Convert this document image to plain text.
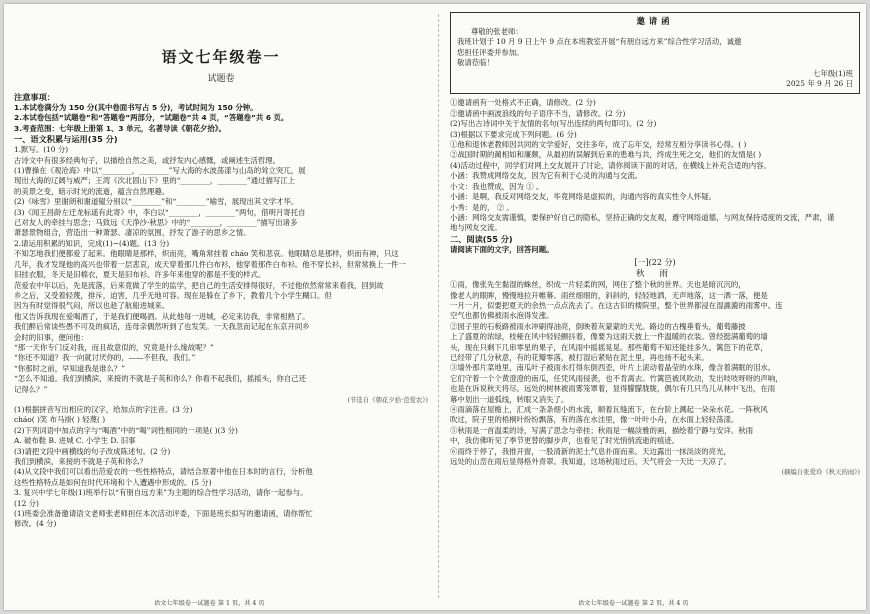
语文七年级卷一
试题卷
注意事项：
1.本试卷满分为 150 分(其中卷面书写占 5 分)，考试时间为 150 分钟。
2.本试卷包括“试题卷”和“答题卷”两部分，“试题卷”共 4 页，“答题卷”共 6 页。
3.考查范围：七年级上册第 1、3 单元，名著导读《朝花夕拾》。
一、语文积累与运用(35 分)
1.默写。(10 分)
古诗文中有很多经典句子，以描绘自然之美，或抒发内心感慨，或阐述生活哲理。
(1)曹操在《观沧海》中以“________，________”写大海的水波荡漾与山岛的耸立突兀，展
现出大海的辽阔与威严；王湾《次北固山下》里的“________，________”通过描写江上
的美景之变，暗示时光的流逝，蕴含自然理趣。
(2)《咏雪》里谢朗和谢道韫分别以“________”和“________”喻雪，展现出其文学才华。
(3)《闻王昌龄左迁龙标遥有此寄》中，李白以“________，________”两句，借明月寄托自
己对友人的牵挂与思念；马致远《天净沙·秋思》中的“________，________”描写出诸多
萧瑟景物组合，营造出一种萧瑟、凄凉的氛围，抒发了游子的思乡之情。
2.请运用积累的知识，完成(1)~(4)题。(13 分)
不知怎地我们便都爱了起来。他眼睛是那样，炽而亮，嘴角常挂着 cháo 笑和悲哀。他眼睛总是那样，炽而有神，只这
几年，我才发现他的高兴也带着一层悲哀，成天穿着那几件白布衫，他穿着那件白布衫。他不穿长衫，但常常换上一件一
旧挂衣服，冬天是旧棉衣，夏天是旧布衫。许多年来他穿的都是不变的样式。
范爱农中年以后，先是流落，后来竟做了学生的监学，把自己的生活安排得很好，不过他依然常常来看我，回到故
乡之后，又受着轻蔑，排斥，迫害，几乎无地可容。现在是躲在了乡下，教着几个小学生糊口。但
因为有时觉得很气闷，所以也趁了航船进城来。
他又告诉我现在爱喝酒了，于是我们便喝酒。从此他每一进城，必定来访我，非常相熟了。
我们醉后常谈些愚不可及的疯话，连母亲偶然听到了也发笑。一天我忽而记起在东京开同乡
会时的旧事，便问他：
“那一天你专门反对我，而且故意似的，究竟是什么缘故呢？”
“你还不知道？我一向就讨厌你的，——不但我，我们。”
“你那时之前，早知道我是谁么？”
“怎么不知道。我们到横滨，来接的不就是子英和你么？你看不起我们，摇摇头，你自己还
记得么？”
(节选自《朝花夕拾·范爱农》)
(1)根据拼音写出相应的汉字，给加点的字注音。(3 分)
cháo( )笑 布马褂( ) 轻蔑( )
(2)下列词语中加点的字与“喝酒”中的“喝”词性相同的一项是( )(3 分)
A. 破布鞋 B. 进城 C. 小学生 D. 旧事
(3)请把文段中画横线的句子改成陈述句。(2 分)
我们到横滨，来接的不就是子英和你么？
(4)从文段中我们可以看出范爱农的一些性格特点，请结合原著中他在日本时的言行，分析他
这些性格特点是如何在时代环境和个人遭遇中形成的。(5 分)
3. 复兴中学七年级(1)班举行以“有朋自远方来”为主题的综合性学习活动，请你一起参与。
(12 分)
(1)班委会准备邀请语文老师张老师担任本次活动评委，下面是班长拟写的邀请函，请你帮忙
修改。(4 分)
邀请函
尊敬的张老师：
我班计划于 10 月 9 日上午 9 点在本班教室开展“有朋自远方来”综合性学习活动，诚邀
您担任评委并参加。
敬请莅临！
七年级(1)班
2025 年 9 月 26 日
①邀请函有一处格式不正确，请修改。(2 分)
②邀请函中画波浪线的句子语序不当，请修改。(2 分)
(2)写出古诗词中关于友情的名句(写出连续的两句即可)。(2 分)
(3)根据以下要求完成下列问题。(6 分)
①他和退休老教师因共同的文学爱好，交往多年，成了忘年交，经常互相分享读书心得。( )
②战国时期的蔺相如和廉颇，从最初的误解到后来的患难与共，终成生死之交，他们的友情是( )
(4)活动过程中，同学们对网上交友展开了讨论，请你阅读下面的对话，在横线上补充合适的内容。
小涵：我赞成网络交友，因为它有利于心灵的沟通与交流。
小文：我也赞成，因为 ① 。
小涵：是啊，我反对网络交友，毕竟网络是虚拟的，沟通内容的真实性令人怀疑。
小秀：是的， ② 。
小涵：网络交友需谨慎，要保护好自己的隐私，坚持正确的交友观，遵守网络道德，与网友保持适度的交流，严肃，谨
地与网友交流。
二、阅读(55 分)
请阅读下面的文字，回答问题。
[一](22 分)
秋 雨
①雨，像张先生黏湿的蛛丝，织成一片轻柔的网，网住了整个秋的世界。天也是暗沉沉的，
像老人的眼眸，慢慢地拉开帷幕。雨丝细细的，斜斜的，轻轻地洒，无声地落，这一洒一落，便是
一月一月，似要把夏天的余热一点点洗去了。在这古旧的楼院里，整个世界都浸在湿漉漉的雨雾中。连
空气也都仿佛被雨水泡得发涨。
②园子里的石板路被雨水冲刷得油亮，倒映着灰蒙蒙的天光。路边的古槐垂着头，葡萄藤披
上了盛夏的浓绿，枝桠在风中轻轻颤抖着，像要为这雨天披上一件温暖的衣装。曾经挺满葡萄的墙
头，现在只剩下几串零星的果子，在风雨中摇摇晃晃。那些葡萄不知还能挂多久。篱笆下的花草，
已经带了几分秋意，有的花瓣零落，被打湿后紧贴在泥土里，再也扬不起头来。
③墙外那片菜地里，南瓜叶子被雨水打得东倒西歪，叶片上滚动着晶莹的水珠，像含着满眶的泪水。
它们守着一个个黄澄澄的南瓜，任凭风雨侵袭，也不肯离去。竹篱笆被风吹动，发出吱吱呀呀的声响，
也是在诉说秋天将尽。远处的树林被雨雾笼罩着，显得朦朦胧胧，偶尔有几只鸟儿从林中飞出，在雨
幕中划出一道弧线，转眼又消失了。
④雨滴落在屋檐上，汇成一条条细小的水流，顺着瓦缝流下，在台阶上溅起一朵朵水花。一阵秋风
吹过，院子里的梧桐叶纷纷飘落，有的落在水洼里，像一叶叶小舟，在水面上轻轻荡漾。
⑤秋雨是一首温柔的诗，写满了思念与牵挂；秋雨是一幅淡雅的画，描绘着宁静与安详。秋雨
中，我仿佛听见了季节更替的脚步声，也看见了时光悄悄流逝的痕迹。
⑥雨终于停了，我推开窗，一股清新的泥土气息扑面而来。天边露出一抹淡淡的亮光，
远处的山峦在雨后显得格外青翠。我知道，这场秋雨过后，天气将会一天比一天凉了。
(摘编自张爱玲《秋天的雨》)
语文七年级卷一试题卷 第 1 页，共 4 页	语文七年级卷一试题卷 第 2 页，共 4 页
